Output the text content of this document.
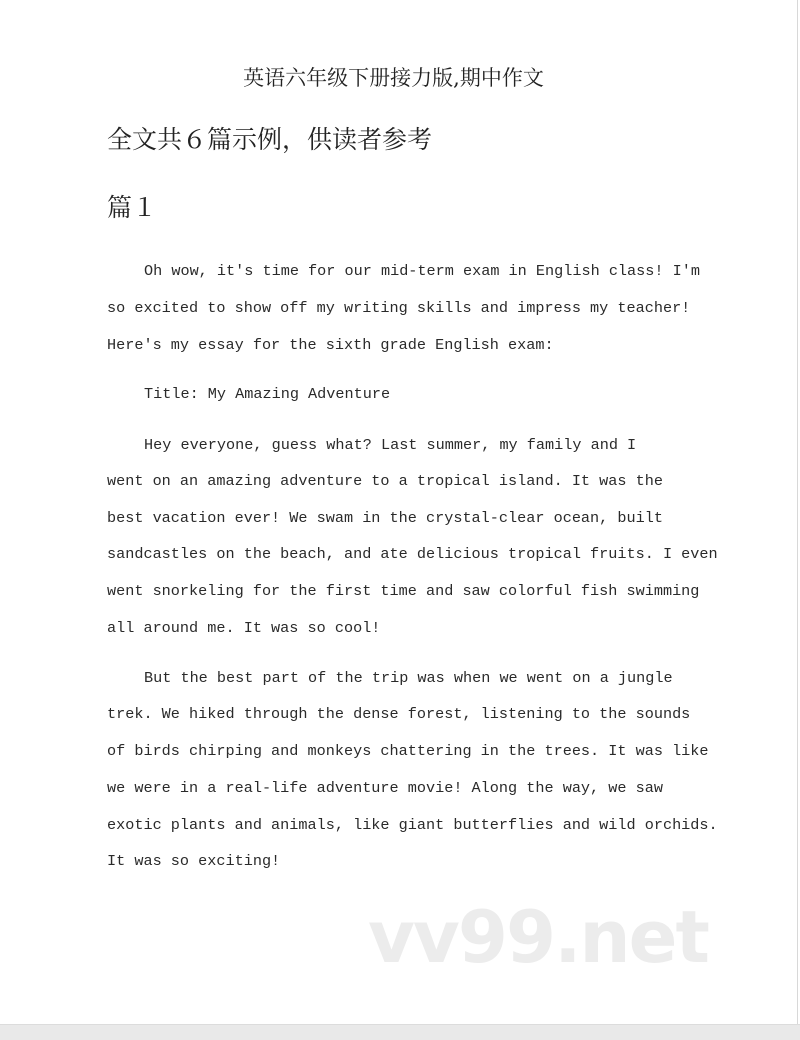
英语六年级下册接力版,期中作文
全文共６篇示例，供读者参考
篇１
Oh wow, it's time for our mid-term exam in English class! I'm
so excited to show off my writing skills and impress my teacher!
Here's my essay for the sixth grade English exam:
Title: My Amazing Adventure
Hey everyone, guess what? Last summer, my family and I
went on an amazing adventure to a tropical island. It was the
best vacation ever! We swam in the crystal-clear ocean, built
sandcastles on the beach, and ate delicious tropical fruits. I even
went snorkeling for the first time and saw colorful fish swimming
all around me. It was so cool!
But the best part of the trip was when we went on a jungle
trek. We hiked through the dense forest, listening to the sounds
of birds chirping and monkeys chattering in the trees. It was like
we were in a real-life adventure movie! Along the way, we saw
exotic plants and animals, like giant butterflies and wild orchids.
It was so exciting!
vv99.net
